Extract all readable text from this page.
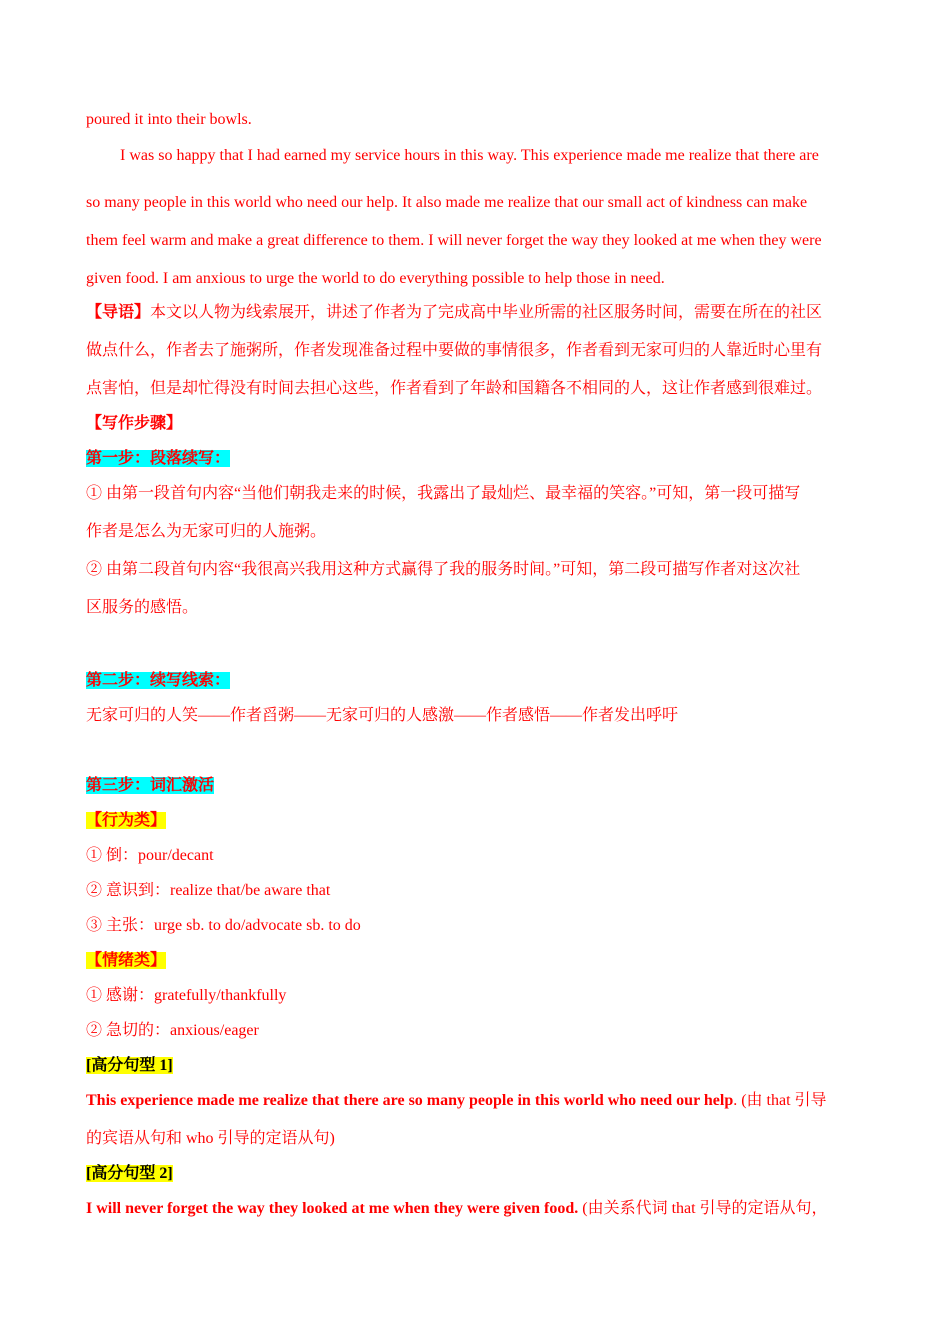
poured it into their bowls.

I was so happy that I had earned my service hours in this way. This experience made me realize that there are

so many people in this world who need our help. It also made me realize that our small act of kindness can make

them feel warm and make a great difference to them. I will never forget the way they looked at me when they were

given food. I am anxious to urge the world to do everything possible to help those in need.

【导语】本文以人物为线索展开，讲述了作者为了完成高中毕业所需的社区服务时间，需要在所在的社区

做点什么，作者去了施粥所，作者发现准备过程中要做的事情很多，作者看到无家可归的人靠近时心里有

点害怕，但是却忙得没有时间去担心这些，作者看到了年龄和国籍各不相同的人，这让作者感到很难过。

【写作步骤】
第一步：段落续写：

① 由第一段首句内容“当他们朝我走来的时候，我露出了最灿烂、最幸福的笑容。”可知，第一段可描写

作者是怎么为无家可归的人施粥。

② 由第二段首句内容“我很高兴我用这种方式赢得了我的服务时间。”可知，第二段可描写作者对这次社

区服务的感悟。

第二步：续写线索：
无家可归的人笑——作者舀粥——无家可归的人感激——作者感悟——作者发出呼吁
第三步：词汇激活
【行为类】
① 倒：pour/decant
② 意识到：realize that/be aware that
③ 主张：urge sb. to do/advocate sb. to do
【情绪类】
① 感谢：gratefully/thankfully
② 急切的：anxious/eager
[高分句型 1]

This experience made me realize that there are so many people in this world who need our help. (由 that 引导

的宾语从句和 who 引导的定语从句)

[高分句型 2]

I will never forget the way they looked at me when they were given food. (由关系代词 that 引导的定语从句，
